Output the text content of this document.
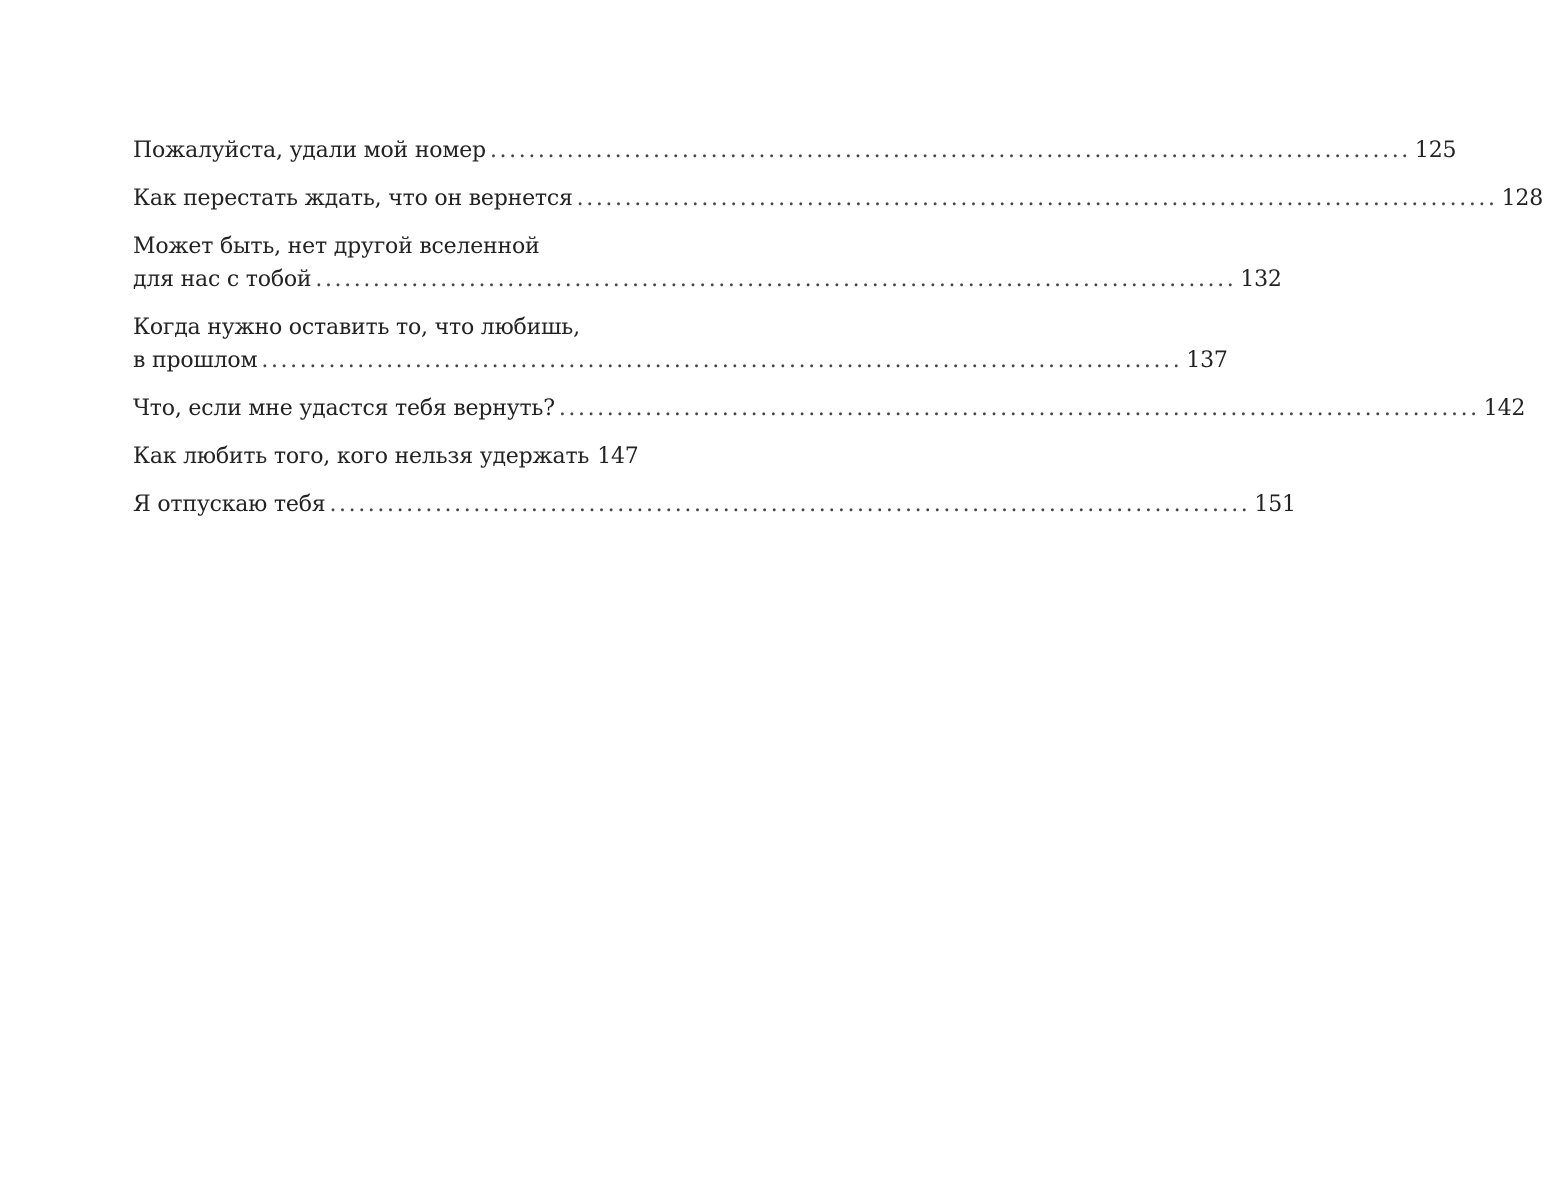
Пожалуйста, удали мой номер ................................................................................................ 125
Как перестать ждать, что он вернется ................................................................................................ 128
Может быть, нет другой вселенной
для нас с тобой ................................................................................................ 132
Когда нужно оставить то, что любишь,
в прошлом ................................................................................................ 137
Что, если мне удастся тебя вернуть? ................................................................................................ 142
Как любить того, кого нельзя удержать 147
Я отпускаю тебя ................................................................................................ 151
